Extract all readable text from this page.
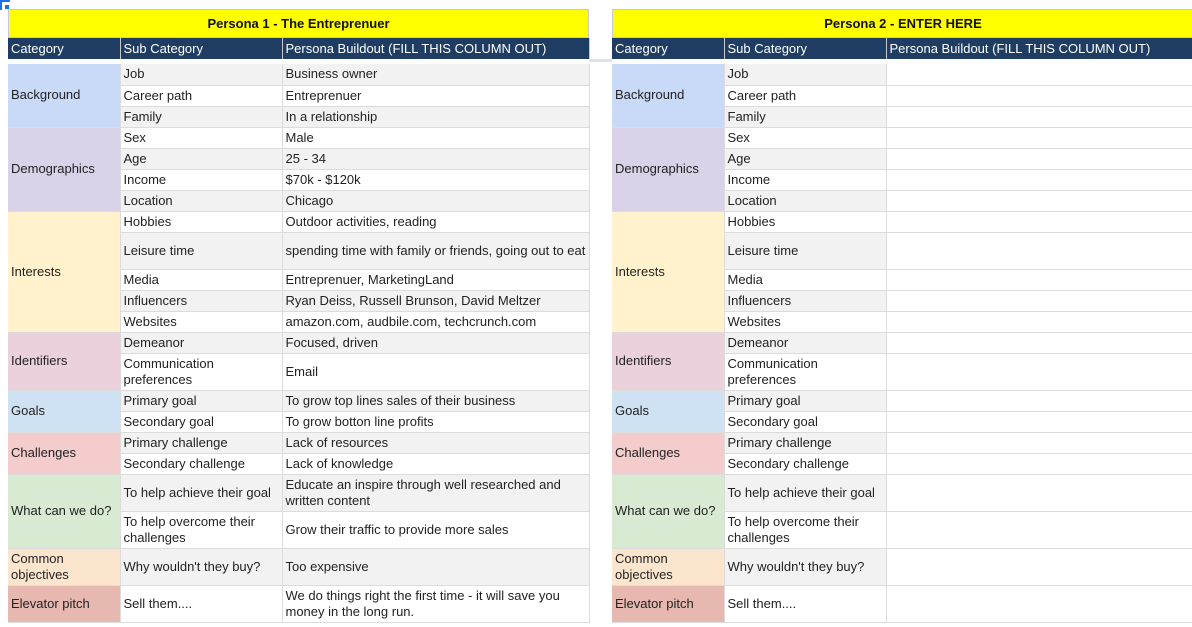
Persona 1 - The Entreprenuer
Category	Sub Category	Persona Buildout (FILL THIS COLUMN OUT)

Background	Job	Business owner
	Career path	Entreprenuer
	Family	In a relationship
Demographics	Sex	Male
	Age	25 - 34
	Income	$70k - $120k
	Location	Chicago
Interests	Hobbies	Outdoor activities, reading
	Leisure time	spending time with family or friends, going out to eat
	Media	Entreprenuer, MarketingLand
	Influencers	Ryan Deiss, Russell Brunson, David Meltzer
	Websites	amazon.com, audbile.com, techcrunch.com
Identifiers	Demeanor	Focused, driven
	Communication preferences	Email
Goals	Primary goal	To grow top lines sales of their business
	Secondary goal	To grow botton line profits
Challenges	Primary challenge	Lack of resources
	Secondary challenge	Lack of knowledge
What can we do?	To help achieve their goal	Educate an inspire through well researched and written content
	To help overcome their challenges	Grow their traffic to provide more sales
Common objectives	Why wouldn't they buy?	Too expensive
Elevator pitch	Sell them....	We do things right the first time - it will save you money in the long run.
Persona 2 - ENTER HERE
Category	Sub Category	Persona Buildout (FILL THIS COLUMN OUT)

Background	Job	
	Career path	
	Family	
Demographics	Sex	
	Age	
	Income	
	Location	
Interests	Hobbies	
	Leisure time	
	Media	
	Influencers	
	Websites	
Identifiers	Demeanor	
	Communication preferences	
Goals	Primary goal	
	Secondary goal	
Challenges	Primary challenge	
	Secondary challenge	
What can we do?	To help achieve their goal	
	To help overcome their challenges	
Common objectives	Why wouldn't they buy?	
Elevator pitch	Sell them....	
